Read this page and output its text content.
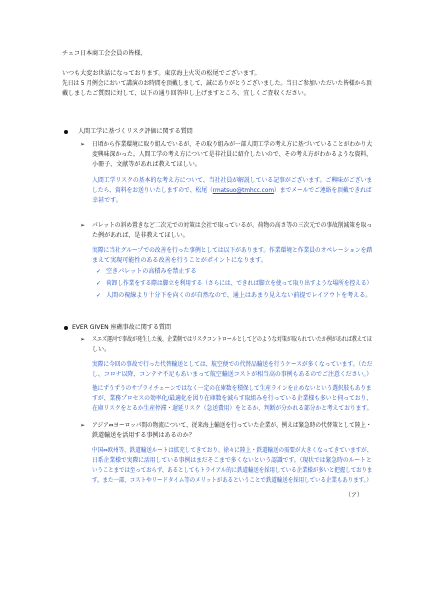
チェコ日本商工会会員の皆様、
いつも大変お世話になっております。東京海上火災の松尾でございます。
先日は 5 月例会において講演のお時間を頂戴しまして、誠にありがとうございました。当日ご参加いただいた皆様から頂
戴しましたご質問に対して、以下の通り回答申し上げますところ、宜しくご査収ください。
人間工学に基づくリスク評価に関する質問
➢ 日頃から作業環境に取り組んでいるが、その取り組みが一部人間工学の考え方に基づいていることがわかり大
変興味深かった。人間工学の考え方について是非社員に紹介したいので、その考え方がわかるような資料、
小冊子、文献等があれば教えてほしい。
人間工学リスクの基本的な考え方について、当社社員が解説している記事がございます。ご興味がございま
したら、資料をお送りいたしますので、松尾（rmatsuo@tmhcc.com）までメールでご連絡を頂戴できれば
幸甚です。
➢ パレットの斜め置きなど二次元での対策は会社で取っているが、荷物の高さ等の三次元での事故削減策を取っ
た例があれば、是非教えてほしい。
実際に当社グループでの改善を行った事例としては以下があります。作業環境と作業員のオペレーションを踏
まえて実現可能性のある改善を行うことがポイントになります。
✓ 空きパレットの高積みを禁止する
✓ 荷卸し作業をする際は脚立を利用する（さらには、できれば脚立を使って取り出すような場所を控える）
✓ 人間の視線より十分下を向くのが自然なので、通上はあまり見えない前提でレイアウトを考える。
EVER GIVEN 座礁事故に関する質問
➢ スエズ運河で事故が発生した後、企業側ではリスクコントロールとしてどのような対策が取られていたか例があれば教えてほ
しい。
実際に今回の事故で行った代替輸送としては、航空便での代替品輸送を行うケースが多くなっています。（ただ
し、コロナ以降、コンテナ不足もあいまって航空輸送コストが相当高の事例もあるのでご注意ください。）
他にずうずうのサプライチェーンではなく一定の在庫数を積保して生産ラインを止めないという選択肢もありま
すが、業務プロセスの効率化/最適化を図り在庫数を減らす取組みを行っている企業様も多いと伺っており、
在庫リスクをとるか生産停滞・遅延リスク（急送費用）をとるか、判断が分かれる部分かと考えております。
➢ アジア⇔ヨーロッパ間の物流について、従来海上輸送を行っていた企業が、例えば緊急時の代替策として陸上・
鉄道輸送を活用する事例はあるのか？
中国⇔欧州等、鉄道輸送ルートは拡充してきており、徐々に陸上・鉄道輸送の需要が大きくなってきていますが、
日系企業様で実際に活用している事例はまだそこまで多くないという認識です。（現状では緊急時のルートと
いうことまでは至っておらず、あるとしてもトライアル的に鉄道輸送を採用している企業様が多いと把握しておりま
す。また一部、コストやリードタイム等のメリットがあるということで鉄道輸送を採用している企業もあります。）
（ア）
